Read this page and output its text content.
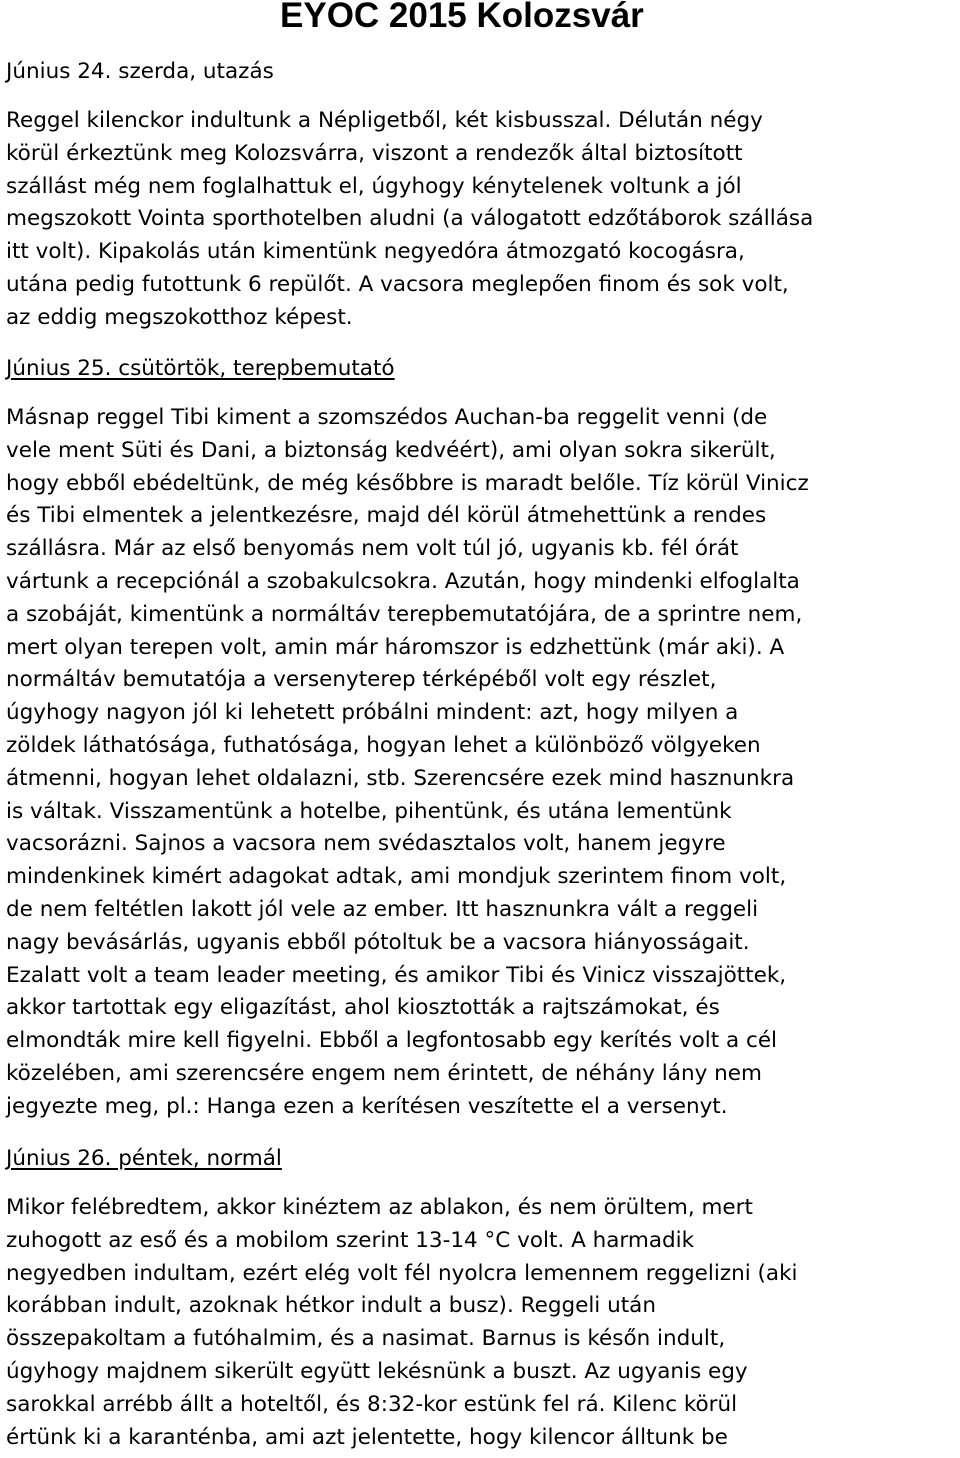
EYOC 2015 Kolozsvár
Június 24. szerda, utazás
Reggel kilenckor indultunk a Népligetből, két kisbusszal. Délután négy
körül érkeztünk meg Kolozsvárra, viszont a rendezők által biztosított
szállást még nem foglalhattuk el, úgyhogy kénytelenek voltunk a jól
megszokott Vointa sporthotelben aludni (a válogatott edzőtáborok szállása
itt volt). Kipakolás után kimentünk negyedóra átmozgató kocogásra,
utána pedig futottunk 6 repülőt. A vacsora meglepően finom és sok volt,
az eddig megszokotthoz képest.
Június 25. csütörtök, terepbemutató
Másnap reggel Tibi kiment a szomszédos Auchan-ba reggelit venni (de
vele ment Süti és Dani, a biztonság kedvéért), ami olyan sokra sikerült,
hogy ebből ebédeltünk, de még későbbre is maradt belőle. Tíz körül Vinicz
és Tibi elmentek a jelentkezésre, majd dél körül átmehettünk a rendes
szállásra. Már az első benyomás nem volt túl jó, ugyanis kb. fél órát
vártunk a recepciónál a szobakulcsokra. Azután, hogy mindenki elfoglalta
a szobáját, kimentünk a normáltáv terepbemutatójára, de a sprintre nem,
mert olyan terepen volt, amin már háromszor is edzhettünk (már aki). A
normáltáv bemutatója a versenyterep térképéből volt egy részlet,
úgyhogy nagyon jól ki lehetett próbálni mindent: azt, hogy milyen a
zöldek láthatósága, futhatósága, hogyan lehet a különböző völgyeken
átmenni, hogyan lehet oldalazni, stb. Szerencsére ezek mind hasznunkra
is váltak. Visszamentünk a hotelbe, pihentünk, és utána lementünk
vacsorázni. Sajnos a vacsora nem svédasztalos volt, hanem jegyre
mindenkinek kimért adagokat adtak, ami mondjuk szerintem finom volt,
de nem feltétlen lakott jól vele az ember. Itt hasznunkra vált a reggeli
nagy bevásárlás, ugyanis ebből pótoltuk be a vacsora hiányosságait.
Ezalatt volt a team leader meeting, és amikor Tibi és Vinicz visszajöttek,
akkor tartottak egy eligazítást, ahol kiosztották a rajtszámokat, és
elmondták mire kell figyelni. Ebből a legfontosabb egy kerítés volt a cél
közelében, ami szerencsére engem nem érintett, de néhány lány nem
jegyezte meg, pl.: Hanga ezen a kerítésen veszítette el a versenyt.
Június 26. péntek, normál
Mikor felébredtem, akkor kinéztem az ablakon, és nem örültem, mert
zuhogott az eső és a mobilom szerint 13-14 °C volt. A harmadik
negyedben indultam, ezért elég volt fél nyolcra lemennem reggelizni (aki
korábban indult, azoknak hétkor indult a busz). Reggeli után
összepakoltam a futóhalmim, és a nasimat. Barnus is későn indult,
úgyhogy majdnem sikerült együtt lekésnünk a buszt. Az ugyanis egy
sarokkal arrébb állt a hoteltől, és 8:32-kor estünk fel rá. Kilenc körül
értünk ki a karanténba, ami azt jelentette, hogy kilencor álltunk be
